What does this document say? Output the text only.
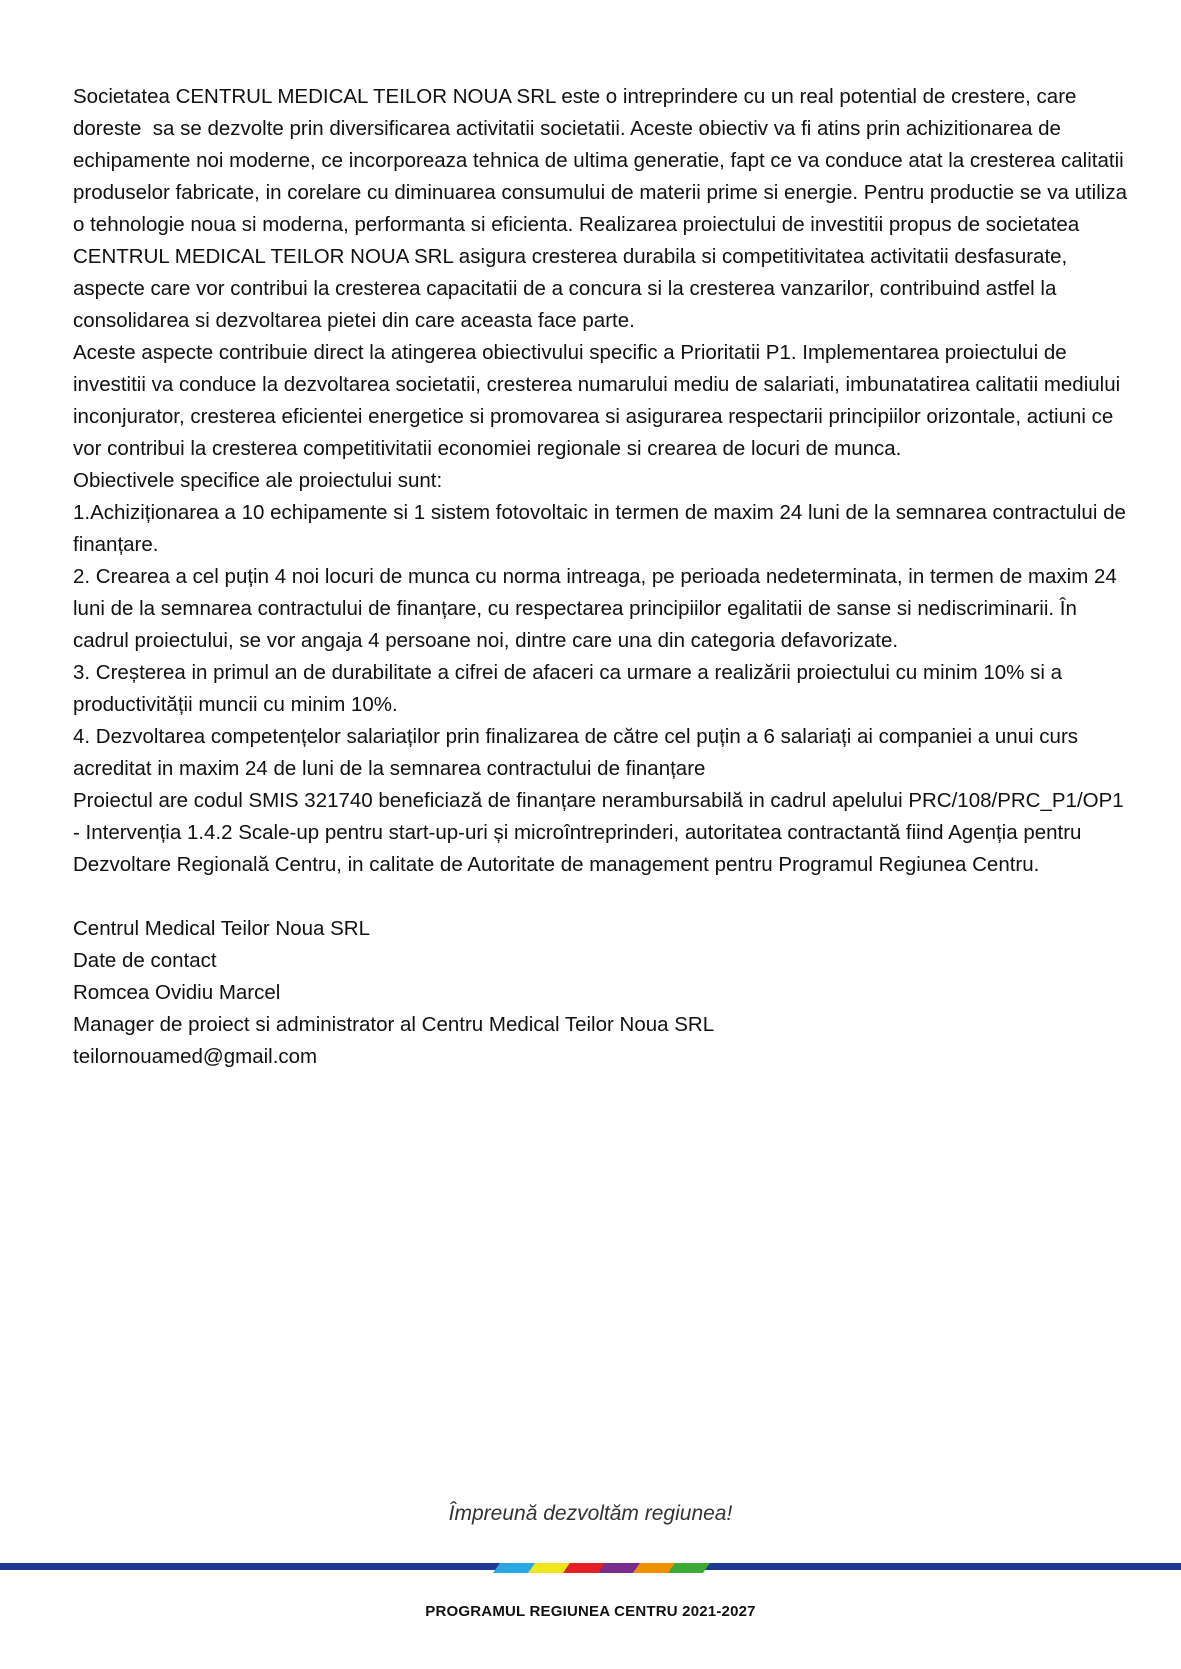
Societatea CENTRUL MEDICAL TEILOR NOUA SRL este o intreprindere cu un real potential de crestere, care doreste  sa se dezvolte prin diversificarea activitatii societatii. Aceste obiectiv va fi atins prin achizitionarea de echipamente noi moderne, ce incorporeaza tehnica de ultima generatie, fapt ce va conduce atat la cresterea calitatii produselor fabricate, in corelare cu diminuarea consumului de materii prime si energie. Pentru productie se va utiliza o tehnologie noua si moderna, performanta si eficienta. Realizarea proiectului de investitii propus de societatea CENTRUL MEDICAL TEILOR NOUA SRL asigura cresterea durabila si competitivitatea activitatii desfasurate, aspecte care vor contribui la cresterea capacitatii de a concura si la cresterea vanzarilor, contribuind astfel la consolidarea si dezvoltarea pietei din care aceasta face parte.

Aceste aspecte contribuie direct la atingerea obiectivului specific a Prioritatii P1. Implementarea proiectului de investitii va conduce la dezvoltarea societatii, cresterea numarului mediu de salariati, imbunatatirea calitatii mediului inconjurator, cresterea eficientei energetice si promovarea si asigurarea respectarii principiilor orizontale, actiuni ce vor contribui la cresterea competitivitatii economiei regionale si crearea de locuri de munca.

Obiectivele specifice ale proiectului sunt:

1.Achiziționarea a 10 echipamente si 1 sistem fotovoltaic in termen de maxim 24 luni de la semnarea contractului de finanțare.

2. Crearea a cel puțin 4 noi locuri de munca cu norma intreaga, pe perioada nedeterminata, in termen de maxim 24 luni de la semnarea contractului de finanțare, cu respectarea principiilor egalitatii de sanse si nediscriminarii. În cadrul proiectului, se vor angaja 4 persoane noi, dintre care una din categoria defavorizate.

3. Creșterea in primul an de durabilitate a cifrei de afaceri ca urmare a realizării proiectului cu minim 10% si a productivității muncii cu minim 10%.

4. Dezvoltarea competențelor salariaților prin finalizarea de către cel puțin a 6 salariați ai companiei a unui curs acreditat in maxim 24 de luni de la semnarea contractului de finanțare

Proiectul are codul SMIS 321740 beneficiază de finanțare nerambursabilă in cadrul apelului PRC/108/PRC_P1/OP1 - Intervenția 1.4.2 Scale-up pentru start-up-uri și microîntreprinderi, autoritatea contractantă fiind Agenția pentru Dezvoltare Regională Centru, in calitate de Autoritate de management pentru Programul Regiunea Centru.

Centrul Medical Teilor Noua SRL

Date de contact

Romcea Ovidiu Marcel

Manager de proiect si administrator al Centru Medical Teilor Noua SRL

teilornouamed@gmail.com

Împreună dezvoltăm regiunea!
PROGRAMUL REGIUNEA CENTRU 2021-2027
